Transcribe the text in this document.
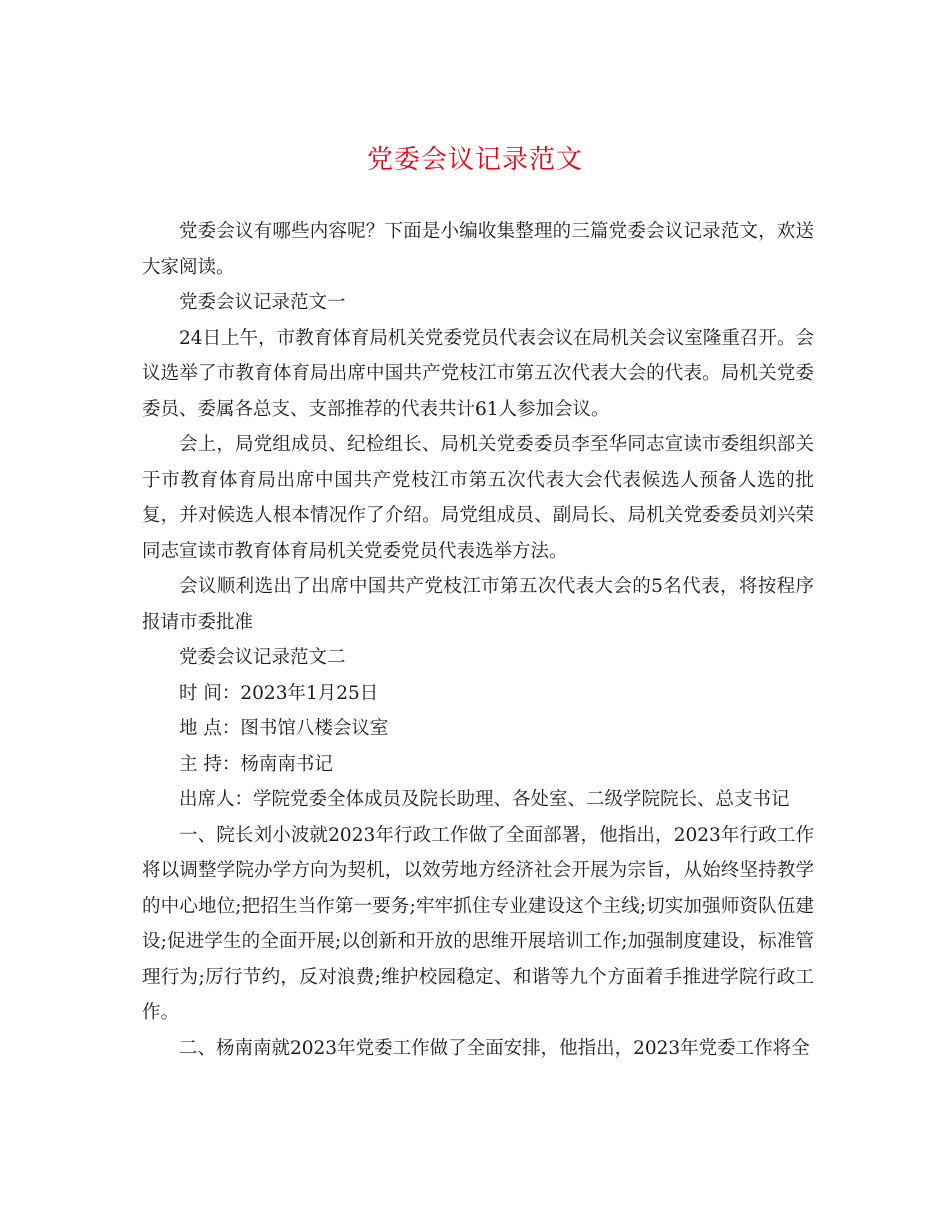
党委会议记录范文

党委会议有哪些内容呢？下面是小编收集整理的三篇党委会议记录范文，欢送大家阅读。

党委会议记录范文一

24日上午，市教育体育局机关党委党员代表会议在局机关会议室隆重召开。会议选举了市教育体育局出席中国共产党枝江市第五次代表大会的代表。局机关党委委员、委属各总支、支部推荐的代表共计61人参加会议。

会上，局党组成员、纪检组长、局机关党委委员李至华同志宣读市委组织部关于市教育体育局出席中国共产党枝江市第五次代表大会代表候选人预备人选的批复，并对候选人根本情况作了介绍。局党组成员、副局长、局机关党委委员刘兴荣同志宣读市教育体育局机关党委党员代表选举方法。

会议顺利选出了出席中国共产党枝江市第五次代表大会的5名代表，将按程序报请市委批准

党委会议记录范文二

时 间：2023年1月25日

地 点：图书馆八楼会议室

主 持：杨南南书记

出席人：学院党委全体成员及院长助理、各处室、二级学院院长、总支书记

一、院长刘小波就2023年行政工作做了全面部署，他指出，2023年行政工作将以调整学院办学方向为契机，以效劳地方经济社会开展为宗旨，从始终坚持教学的中心地位;把招生当作第一要务;牢牢抓住专业建设这个主线;切实加强师资队伍建设;促进学生的全面开展;以创新和开放的思维开展培训工作;加强制度建设，标准管理行为;厉行节约，反对浪费;维护校园稳定、和谐等九个方面着手推进学院行政工作。

二、杨南南就2023年党委工作做了全面安排，他指出，2023年党委工作将全
